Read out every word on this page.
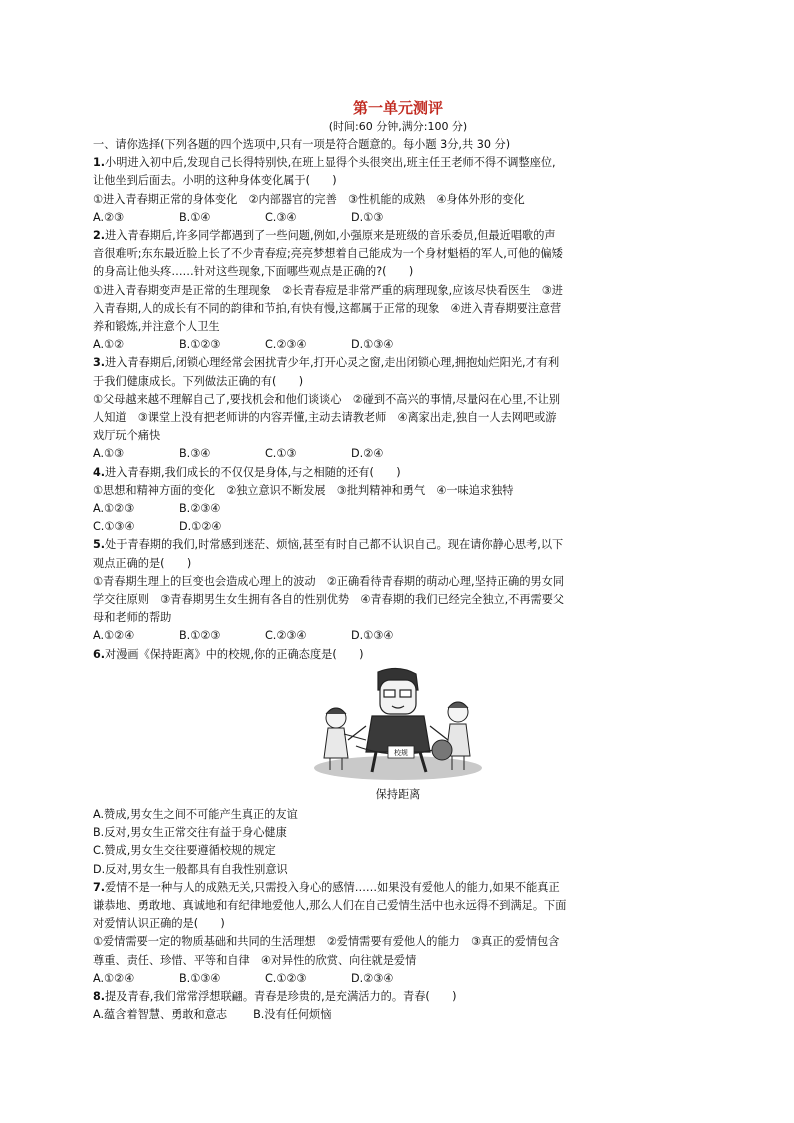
第一单元测评
(时间:60 分钟,满分:100 分)
一、请你选择(下列各题的四个选项中,只有一项是符合题意的。每小题 3分,共 30 分)
1.小明进入初中后,发现自己长得特别快,在班上显得个头很突出,班主任王老师不得不调整座位,
让他坐到后面去。小明的这种身体变化属于(　　)
①进入青春期正常的身体变化　②内部器官的完善　③性机能的成熟　④身体外形的变化
A.②③	B.①④	C.③④	D.①③
2.进入青春期后,许多同学都遇到了一些问题,例如,小强原来是班级的音乐委员,但最近唱歌的声
音很难听;东东最近脸上长了不少青春痘;亮亮梦想着自己能成为一个身材魁梧的军人,可他的偏矮
的身高让他头疼……针对这些现象,下面哪些观点是正确的?(　　)
①进入青春期变声是正常的生理现象　②长青春痘是非常严重的病理现象,应该尽快看医生　③进
入青春期,人的成长有不同的韵律和节拍,有快有慢,这都属于正常的现象　④进入青春期要注意营
养和锻炼,并注意个人卫生
A.①②	B.①②③	C.②③④	D.①③④
3.进入青春期后,闭锁心理经常会困扰青少年,打开心灵之窗,走出闭锁心理,拥抱灿烂阳光,才有利
于我们健康成长。下列做法正确的有(　　)
①父母越来越不理解自己了,要找机会和他们谈谈心　②碰到不高兴的事情,尽量闷在心里,不让别
人知道　③课堂上没有把老师讲的内容弄懂,主动去请教老师　④离家出走,独自一人去网吧或游
戏厅玩个痛快
A.①③	B.③④	C.①③	D.②④
4.进入青春期,我们成长的不仅仅是身体,与之相随的还有(　　)
①思想和精神方面的变化　②独立意识不断发展　③批判精神和勇气　④一味追求独特
A.①②③	B.②③④
C.①③④	D.①②④
5.处于青春期的我们,时常感到迷茫、烦恼,甚至有时自己都不认识自己。现在请你静心思考,以下
观点正确的是(　　)
①青春期生理上的巨变也会造成心理上的波动　②正确看待青春期的萌动心理,坚持正确的男女同
学交往原则　③青春期男生女生拥有各自的性别优势　④青春期的我们已经完全独立,不再需要父
母和老师的帮助
A.①②④	B.①②③	C.②③④	D.①③④
6.对漫画《保持距离》中的校规,你的正确态度是(　　)
校规
保持距离
A.赞成,男女生之间不可能产生真正的友谊
B.反对,男女生正常交往有益于身心健康
C.赞成,男女生交往要遵循校规的规定
D.反对,男女生一般都具有自我性别意识
7.爱情不是一种与人的成熟无关,只需投入身心的感情……如果没有爱他人的能力,如果不能真正
谦恭地、勇敢地、真诚地和有纪律地爱他人,那么人们在自己爱情生活中也永远得不到满足。下面
对爱情认识正确的是(　　)
①爱情需要一定的物质基础和共同的生活理想　②爱情需要有爱他人的能力　③真正的爱情包含
尊重、责任、珍惜、平等和自律　④对异性的欣赏、向往就是爱情
A.①②④	B.①③④	C.①②③	D.②③④
8.提及青春,我们常常浮想联翩。青春是珍贵的,是充满活力的。青春(　　)
A.蕴含着智慧、勇敢和意志 B.没有任何烦恼
